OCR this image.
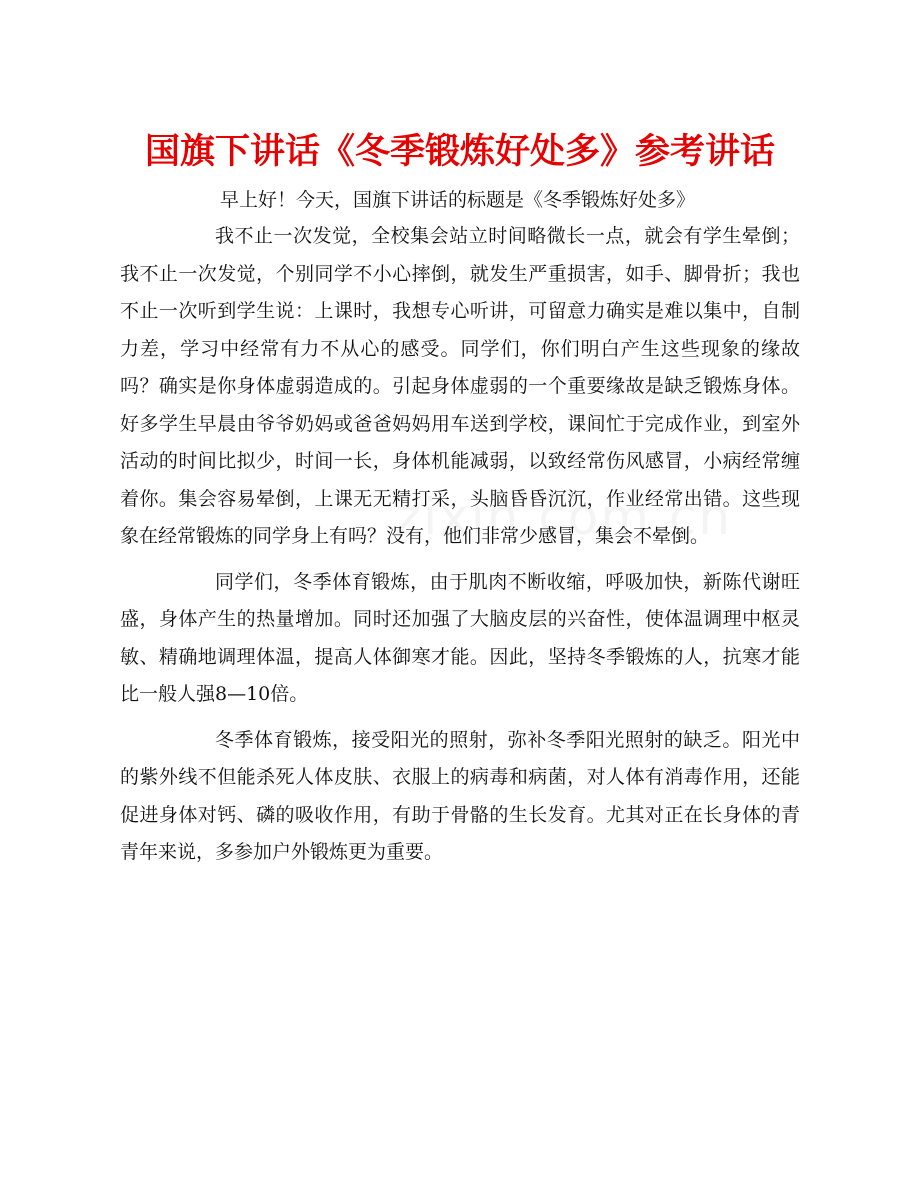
国旗下讲话《冬季锻炼好处多》参考讲话

早上好！今天，国旗下讲话的标题是《冬季锻炼好处多》

我不止一次发觉，全校集会站立时间略微长一点，就会有学生晕倒；我不止一次发觉，个别同学不小心摔倒，就发生严重损害，如手、脚骨折；我也不止一次听到学生说：上课时，我想专心听讲，可留意力确实是难以集中，自制力差，学习中经常有力不从心的感受。同学们，你们明白产生这些现象的缘故吗？确实是你身体虚弱造成的。引起身体虚弱的一个重要缘故是缺乏锻炼身体。好多学生早晨由爷爷奶妈或爸爸妈妈用车送到学校，课间忙于完成作业，到室外活动的时间比拟少，时间一长，身体机能减弱，以致经常伤风感冒，小病经常缠着你。集会容易晕倒，上课无无精打采，头脑昏昏沉沉，作业经常出错。这些现象在经常锻炼的同学身上有吗？没有，他们非常少感冒，集会不晕倒。

同学们，冬季体育锻炼，由于肌肉不断收缩，呼吸加快，新陈代谢旺盛，身体产生的热量增加。同时还加强了大脑皮层的兴奋性，使体温调理中枢灵敏、精确地调理体温，提高人体御寒才能。因此，坚持冬季锻炼的人，抗寒才能比一般人强8—10倍。

冬季体育锻炼，接受阳光的照射，弥补冬季阳光照射的缺乏。阳光中的紫外线不但能杀死人体皮肤、衣服上的病毒和病菌，对人体有消毒作用，还能促进身体对钙、磷的吸收作用，有助于骨骼的生长发育。尤其对正在长身体的青青年来说，多参加户外锻炼更为重要。
